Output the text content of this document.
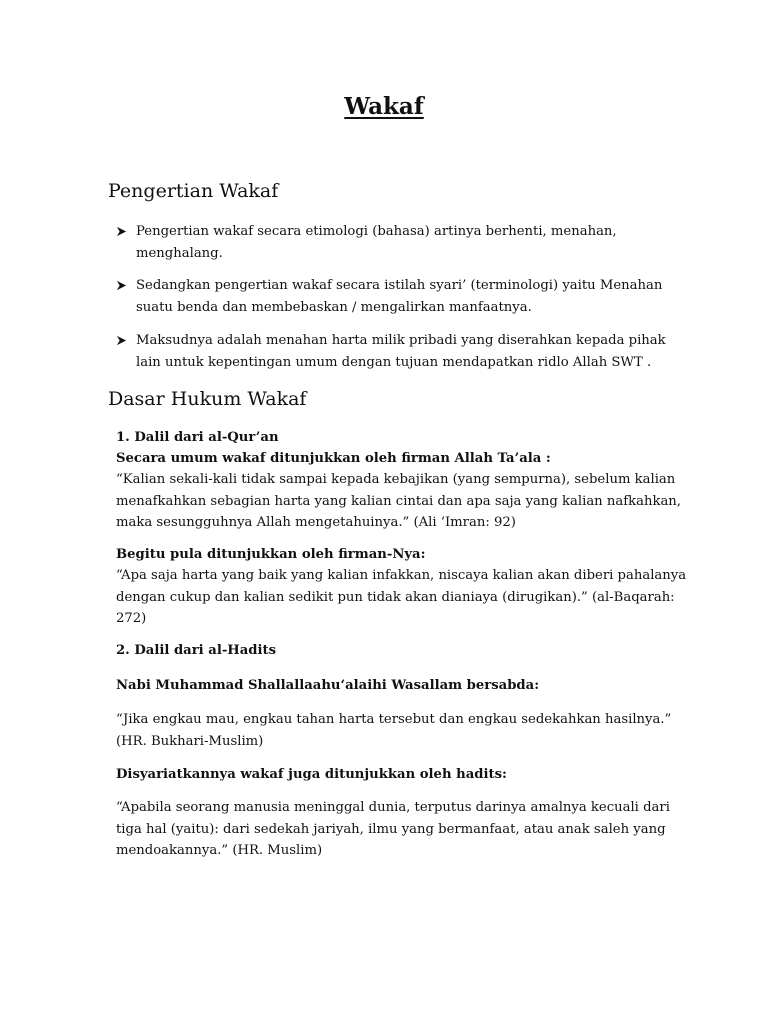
Wakaf
Pengertian Wakaf
Pengertian wakaf secara etimologi (bahasa) artinya berhenti, menahan, menghalang.
Sedangkan pengertian wakaf secara istilah syari’ (terminologi) yaitu Menahan suatu benda dan membebaskan / mengalirkan manfaatnya.
Maksudnya adalah menahan harta milik pribadi yang diserahkan kepada pihak lain untuk kepentingan umum dengan tujuan mendapatkan ridlo Allah SWT .
Dasar Hukum Wakaf
1. Dalil dari al-Qur’an
Secara umum wakaf ditunjukkan oleh firman Allah Ta’ala :
“Kalian sekali-kali tidak sampai kepada kebajikan (yang sempurna), sebelum kalian menafkahkan sebagian harta yang kalian cintai dan apa saja yang kalian nafkahkan, maka sesungguhnya Allah mengetahuinya.” (Ali ‘Imran: 92)
Begitu pula ditunjukkan oleh firman-Nya:
“Apa saja harta yang baik yang kalian infakkan, niscaya kalian akan diberi pahalanya dengan cukup dan kalian sedikit pun tidak akan dianiaya (dirugikan).” (al-Baqarah: 272)
2. Dalil dari al-Hadits
Nabi Muhammad Shallallaahu‘alaihi Wasallam bersabda:
“Jika engkau mau, engkau tahan harta tersebut dan engkau sedekahkan hasilnya.” (HR. Bukhari-Muslim)
Disyariatkannya wakaf juga ditunjukkan oleh hadits:
“Apabila seorang manusia meninggal dunia, terputus darinya amalnya kecuali dari tiga hal (yaitu): dari sedekah jariyah, ilmu yang bermanfaat, atau anak saleh yang mendoakannya.” (HR. Muslim)
